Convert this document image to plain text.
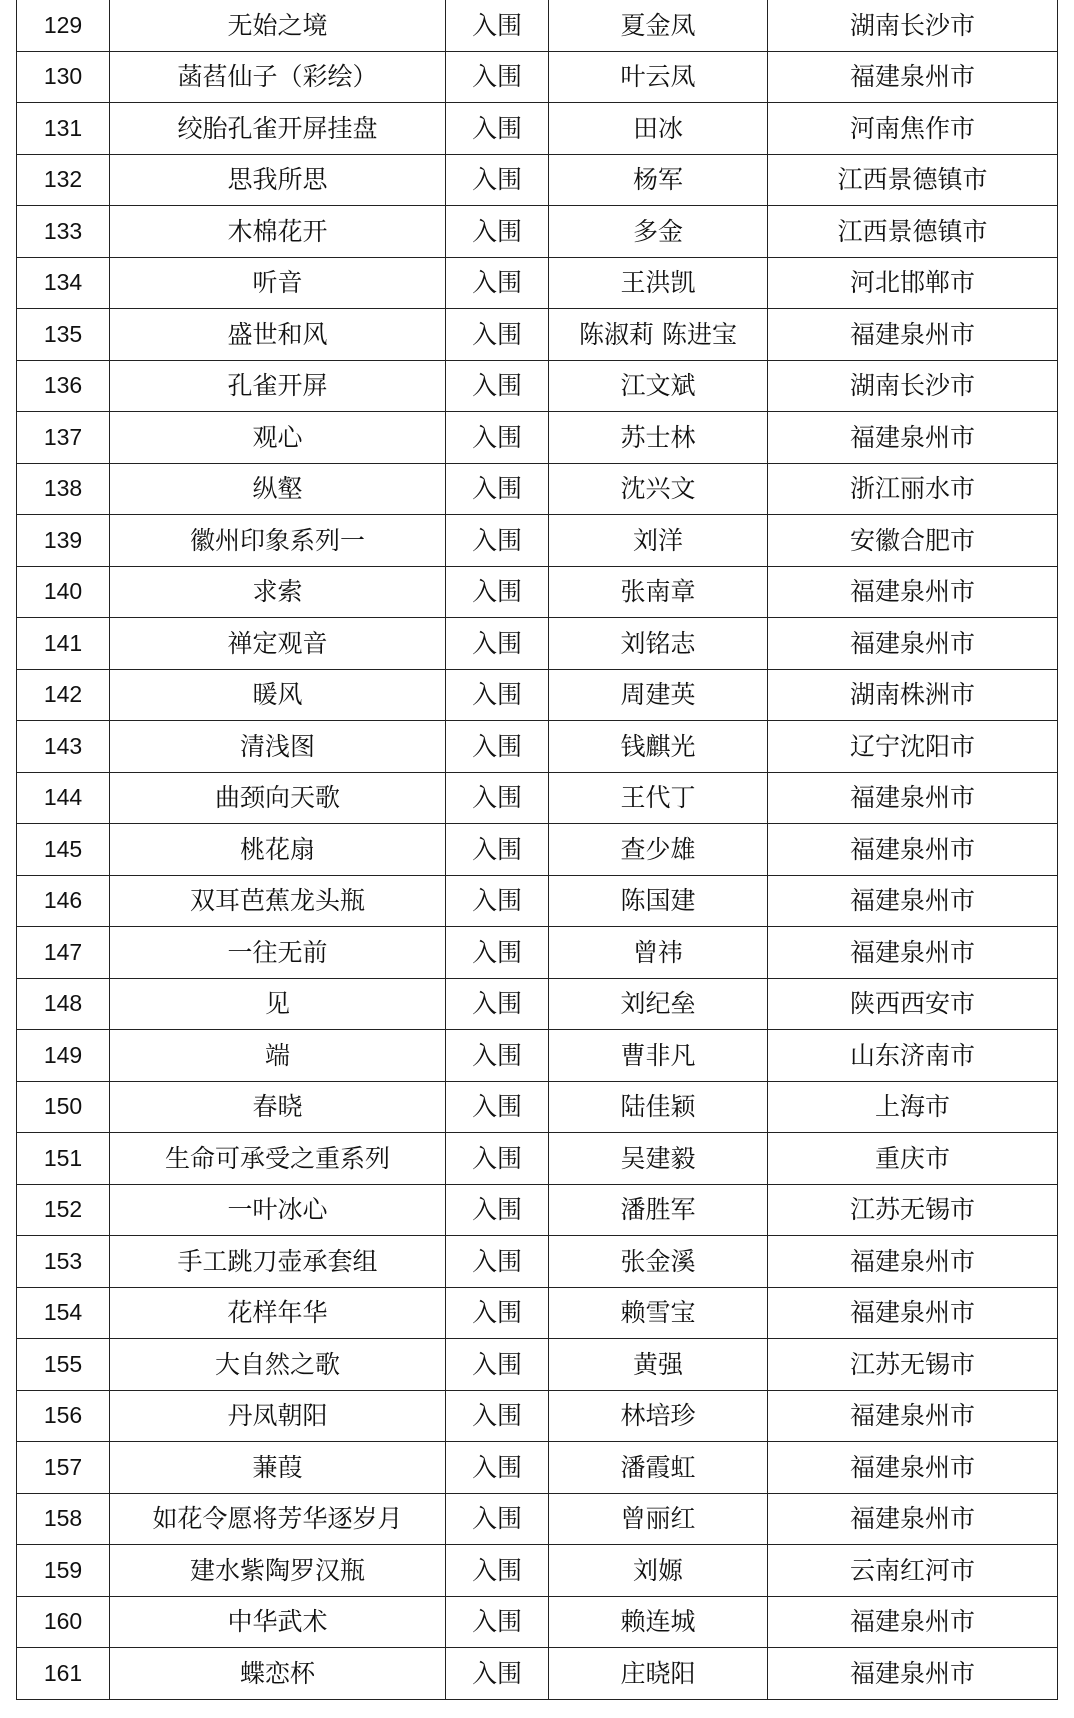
129	无始之境	入围	夏金凤	湖南长沙市
130	菡萏仙子（彩绘）	入围	叶云凤	福建泉州市
131	绞胎孔雀开屏挂盘	入围	田冰	河南焦作市
132	思我所思	入围	杨军	江西景德镇市
133	木棉花开	入围	多金	江西景德镇市
134	听音	入围	王洪凯	河北邯郸市
135	盛世和风	入围	陈淑莉 陈进宝	福建泉州市
136	孔雀开屏	入围	江文斌	湖南长沙市
137	观心	入围	苏士林	福建泉州市
138	纵壑	入围	沈兴文	浙江丽水市
139	徽州印象系列一	入围	刘洋	安徽合肥市
140	求索	入围	张南章	福建泉州市
141	禅定观音	入围	刘铭志	福建泉州市
142	暖风	入围	周建英	湖南株洲市
143	清浅图	入围	钱麒光	辽宁沈阳市
144	曲颈向天歌	入围	王代丁	福建泉州市
145	桃花扇	入围	查少雄	福建泉州市
146	双耳芭蕉龙头瓶	入围	陈国建	福建泉州市
147	一往无前	入围	曾祎	福建泉州市
148	见	入围	刘纪垒	陕西西安市
149	端	入围	曹非凡	山东济南市
150	春晓	入围	陆佳颖	上海市
151	生命可承受之重系列	入围	吴建毅	重庆市
152	一叶冰心	入围	潘胜军	江苏无锡市
153	手工跳刀壶承套组	入围	张金溪	福建泉州市
154	花样年华	入围	赖雪宝	福建泉州市
155	大自然之歌	入围	黄强	江苏无锡市
156	丹凤朝阳	入围	林培珍	福建泉州市
157	蒹葭	入围	潘霞虹	福建泉州市
158	如花令愿将芳华逐岁月	入围	曾丽红	福建泉州市
159	建水紫陶罗汉瓶	入围	刘嫄	云南红河市
160	中华武术	入围	赖连城	福建泉州市
161	蝶恋杯	入围	庄晓阳	福建泉州市
